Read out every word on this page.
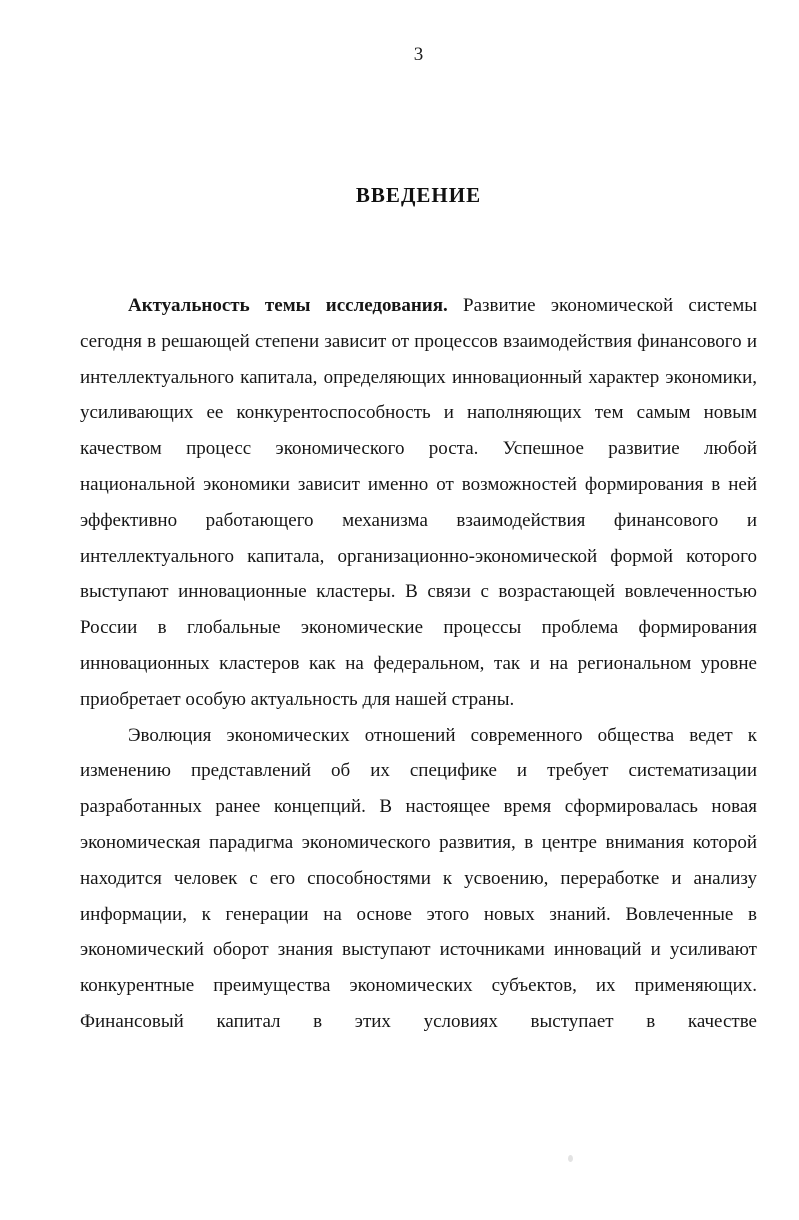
3
ВВЕДЕНИЕ

Актуальность темы исследования. Развитие экономической системы сегодня в решающей степени зависит от процессов взаимодействия финансового и интеллектуального капитала, определяющих инновационный характер экономики, усиливающих ее конкурентоспособность и наполняющих тем самым новым качеством процесс экономического роста. Успешное развитие любой национальной экономики зависит именно от возможностей формирования в ней эффективно работающего механизма взаимодействия финансового и интеллектуального капитала, организационно-экономической формой которого выступают инновационные кластеры. В связи с возрастающей вовлеченностью России в глобальные экономические процессы проблема формирования инновационных кластеров как на федеральном, так и на региональном уровне приобретает особую актуальность для нашей страны.

Эволюция экономических отношений современного общества ведет к изменению представлений об их специфике и требует систематизации разработанных ранее концепций. В настоящее время сформировалась новая экономическая парадигма экономического развития, в центре внимания которой находится человек с его способностями к усвоению, переработке и анализу информации, к генерации на основе этого новых знаний. Вовлеченные в экономический оборот знания выступают источниками инноваций и усиливают конкурентные преимущества экономических субъектов, их применяющих. Финансовый капитал в этих условиях выступает в качестве
